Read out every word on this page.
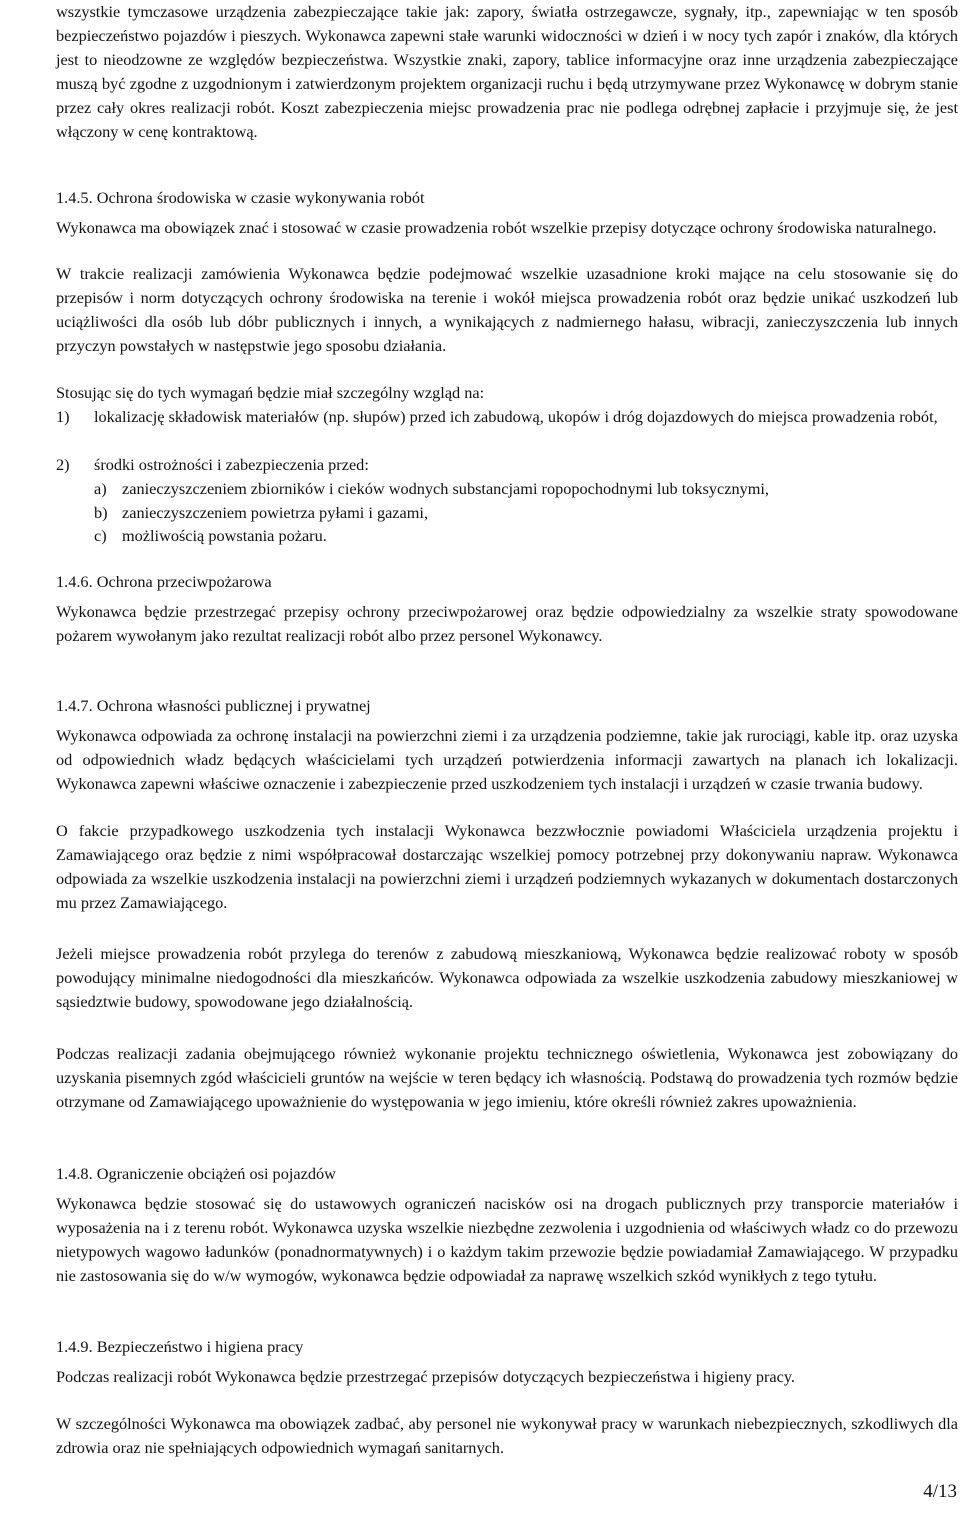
wszystkie tymczasowe urządzenia zabezpieczające takie jak: zapory, światła ostrzegawcze, sygnały, itp., zapewniając w ten sposób bezpieczeństwo pojazdów i pieszych. Wykonawca zapewni stałe warunki widoczności w dzień i w nocy tych zapór i znaków, dla których jest to nieodzowne ze względów bezpieczeństwa. Wszystkie znaki, zapory, tablice informacyjne oraz inne urządzenia zabezpieczające muszą być zgodne z uzgodnionym i zatwierdzonym projektem organizacji ruchu i będą utrzymywane przez Wykonawcę w dobrym stanie przez cały okres realizacji robót. Koszt zabezpieczenia miejsc prowadzenia prac nie podlega odrębnej zapłacie i przyjmuje się, że jest włączony w cenę kontraktową.

1.4.5. Ochrona środowiska w czasie wykonywania robót

Wykonawca ma obowiązek znać i stosować w czasie prowadzenia robót wszelkie przepisy dotyczące ochrony środowiska naturalnego.

W trakcie realizacji zamówienia Wykonawca będzie podejmować wszelkie uzasadnione kroki mające na celu stosowanie się do przepisów i norm dotyczących ochrony środowiska na terenie i wokół miejsca prowadzenia robót oraz będzie unikać uszkodzeń lub uciążliwości dla osób lub dóbr publicznych i innych, a wynikających z nadmiernego hałasu, wibracji, zanieczyszczenia lub innych przyczyn powstałych w następstwie jego sposobu działania.

Stosując się do tych wymagań będzie miał szczególny wzgląd na:

1) lokalizację składowisk materiałów (np. słupów) przed ich zabudową, ukopów i dróg dojazdowych do miejsca prowadzenia robót,
2) środki ostrożności i zabezpieczenia przed:
a) zanieczyszczeniem zbiorników i cieków wodnych substancjami ropopochodnymi lub toksycznymi,
b) zanieczyszczeniem powietrza pyłami i gazami,
c) możliwością powstania pożaru.
1.4.6. Ochrona przeciwpożarowa

Wykonawca będzie przestrzegać przepisy ochrony przeciwpożarowej oraz będzie odpowiedzialny za wszelkie straty spowodowane pożarem wywołanym jako rezultat realizacji robót albo przez personel Wykonawcy.

1.4.7. Ochrona własności publicznej i prywatnej

Wykonawca odpowiada za ochronę instalacji na powierzchni ziemi i za urządzenia podziemne, takie jak rurociągi, kable itp. oraz uzyska od odpowiednich władz będących właścicielami tych urządzeń potwierdzenia informacji zawartych na planach ich lokalizacji. Wykonawca zapewni właściwe oznaczenie i zabezpieczenie przed uszkodzeniem tych instalacji i urządzeń w czasie trwania budowy.

O fakcie przypadkowego uszkodzenia tych instalacji Wykonawca bezzwłocznie powiadomi Właściciela urządzenia projektu i Zamawiającego oraz będzie z nimi współpracował dostarczając wszelkiej pomocy potrzebnej przy dokonywaniu napraw. Wykonawca odpowiada za wszelkie uszkodzenia instalacji na powierzchni ziemi i urządzeń podziemnych wykazanych w dokumentach dostarczonych mu przez Zamawiającego.

Jeżeli miejsce prowadzenia robót przylega do terenów z zabudową mieszkaniową, Wykonawca będzie realizować roboty w sposób powodujący minimalne niedogodności dla mieszkańców. Wykonawca odpowiada za wszelkie uszkodzenia zabudowy mieszkaniowej w sąsiedztwie budowy, spowodowane jego działalnością.

Podczas realizacji zadania obejmującego również wykonanie projektu technicznego oświetlenia, Wykonawca jest zobowiązany do uzyskania pisemnych zgód właścicieli gruntów na wejście w teren będący ich własnością. Podstawą do prowadzenia tych rozmów będzie otrzymane od Zamawiającego upoważnienie do występowania w jego imieniu, które określi również zakres upoważnienia.

1.4.8. Ograniczenie obciążeń osi pojazdów

Wykonawca będzie stosować się do ustawowych ograniczeń nacisków osi na drogach publicznych przy transporcie materiałów i wyposażenia na i z terenu robót. Wykonawca uzyska wszelkie niezbędne zezwolenia i uzgodnienia od właściwych władz co do przewozu nietypowych wagowo ładunków (ponadnormatywnych) i o każdym takim przewozie będzie powiadamiał Zamawiającego. W przypadku nie zastosowania się do w/w wymogów, wykonawca będzie odpowiadał za naprawę wszelkich szkód wynikłych z tego tytułu.

1.4.9. Bezpieczeństwo i higiena pracy

Podczas realizacji robót Wykonawca będzie przestrzegać przepisów dotyczących bezpieczeństwa i higieny pracy.

W szczególności Wykonawca ma obowiązek zadbać, aby personel nie wykonywał pracy w warunkach niebezpiecznych, szkodliwych dla zdrowia oraz nie spełniających odpowiednich wymagań sanitarnych.

4/13
